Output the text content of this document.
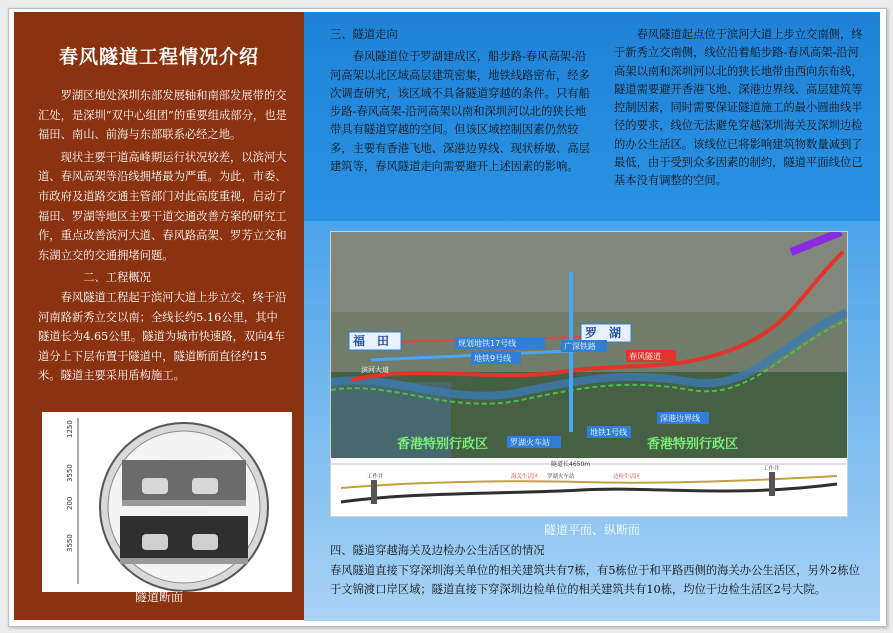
春风隧道工程情况介绍

罗湖区地处深圳东部发展轴和南部发展带的交汇处，是深圳“双中心组团”的重要组成部分，也是福田、南山、前海与东部联系必经之地。

现状主要干道高峰期运行状况较差，以滨河大道、春风高架等沿线拥堵最为严重。为此，市委、市政府及道路交通主管部门对此高度重视，启动了福田、罗湖等地区主要干道交通改善方案的研究工作，重点改善滨河大道、春风路高架、罗芳立交和东湖立交的交通拥堵问题。

二、工程概况

春风隧道工程起于滨河大道上步立交，终于沿河南路新秀立交以南；全线长约5.16公里，其中隧道长为4.65公里。隧道为城市快速路，双向4车道分上下层布置于隧道中，隧道断面直径约15米。隧道主要采用盾构施工。

1250
3550
200
3550
隧道断面

三、隧道走向

春风隧道位于罗湖建成区，船步路-春风高架-沿河高架以北区域高层建筑密集，地铁线路密布，经多次调查研究，该区域不具备隧道穿越的条件。只有船步路-春风高架-沿河高架以南和深圳河以北的狭长地带具有隧道穿越的空间。但该区域控制因素仍然较多，主要有香港飞地、深港边界线、现状桥墩、高层建筑等，春风隧道走向需要避开上述因素的影响。

春风隧道起点位于滨河大道上步立交南侧，终于新秀立交南侧，线位沿着船步路-春风高架-沿河高架以南和深圳河以北的狭长地带由西向东布线，隧道需要避开香港飞地、深港边界线、高层建筑等控制因素，同时需要保证隧道施工的最小圆曲线半径的要求，线位无法避免穿越深圳海关及深圳边检的办公生活区。该线位已将影响建筑物数量减到了最低，由于受到众多因素的制约，隧道平面线位已基本没有调整的空间。

福　田
罗　湖
滨河大道
规划地铁17号线
地铁9号线
广深铁路
春风隧道
罗湖火车站
地铁1号线
深港边界线
香港特别行政区	香港特别行政区
隧道长4650m
工作井
工作井
海关生活区 罗湖火车站	边检生活区
隧道平面、纵断面

四、隧道穿越海关及边检办公生活区的情况

春风隧道直接下穿深圳海关单位的相关建筑共有7栋，有5栋位于和平路西侧的海关办公生活区，另外2栋位于文锦渡口岸区域；隧道直接下穿深圳边检单位的相关建筑共有10栋，均位于边检生活区2号大院。
